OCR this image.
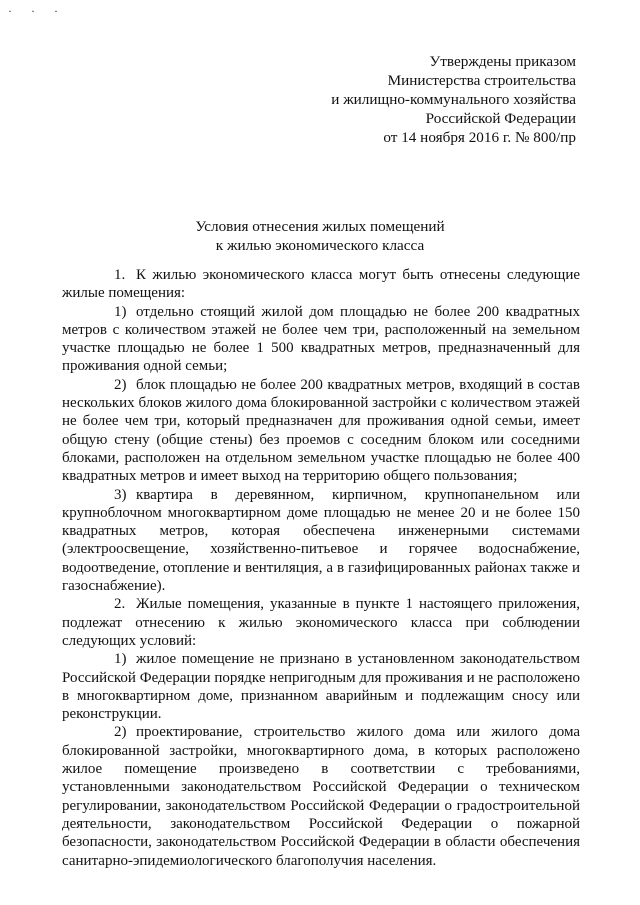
· · ·
Утверждены приказом
Министерства строительства
и жилищно-коммунального хозяйства
Российской Федерации
от 14 ноября 2016 г. № 800/пр
Условия отнесения жилых помещений
к жилью экономического класса

1. К жилью экономического класса могут быть отнесены следующие жилые помещения:

1) отдельно стоящий жилой дом площадью не более 200 квадратных метров с количеством этажей не более чем три, расположенный на земельном участке площадью не более 1 500 квадратных метров, предназначенный для проживания одной семьи;

2) блок площадью не более 200 квадратных метров, входящий в состав нескольких блоков жилого дома блокированной застройки с количеством этажей не более чем три, который предназначен для проживания одной семьи, имеет общую стену (общие стены) без проемов с соседним блоком или соседними блоками, расположен на отдельном земельном участке площадью не более 400 квадратных метров и имеет выход на территорию общего пользования;

3) квартира в деревянном, кирпичном, крупнопанельном или крупноблочном многоквартирном доме площадью не менее 20 и не более 150 квадратных метров, которая обеспечена инженерными системами (электроосвещение, хозяйственно-питьевое и горячее водоснабжение, водоотведение, отопление и вентиляция, а в газифицированных районах также и газоснабжение).

2. Жилые помещения, указанные в пункте 1 настоящего приложения, подлежат отнесению к жилью экономического класса при соблюдении следующих условий:

1) жилое помещение не признано в установленном законодательством Российской Федерации порядке непригодным для проживания и не расположено в многоквартирном доме, признанном аварийным и подлежащим сносу или реконструкции.

2) проектирование, строительство жилого дома или жилого дома блокированной застройки, многоквартирного дома, в которых расположено жилое помещение произведено в соответствии с требованиями, установленными законодательством Российской Федерации о техническом регулировании, законодательством Российской Федерации о градостроительной деятельности, законодательством Российской Федерации о пожарной безопасности, законодательством Российской Федерации в области обеспечения санитарно-эпидемиологического благополучия населения.
